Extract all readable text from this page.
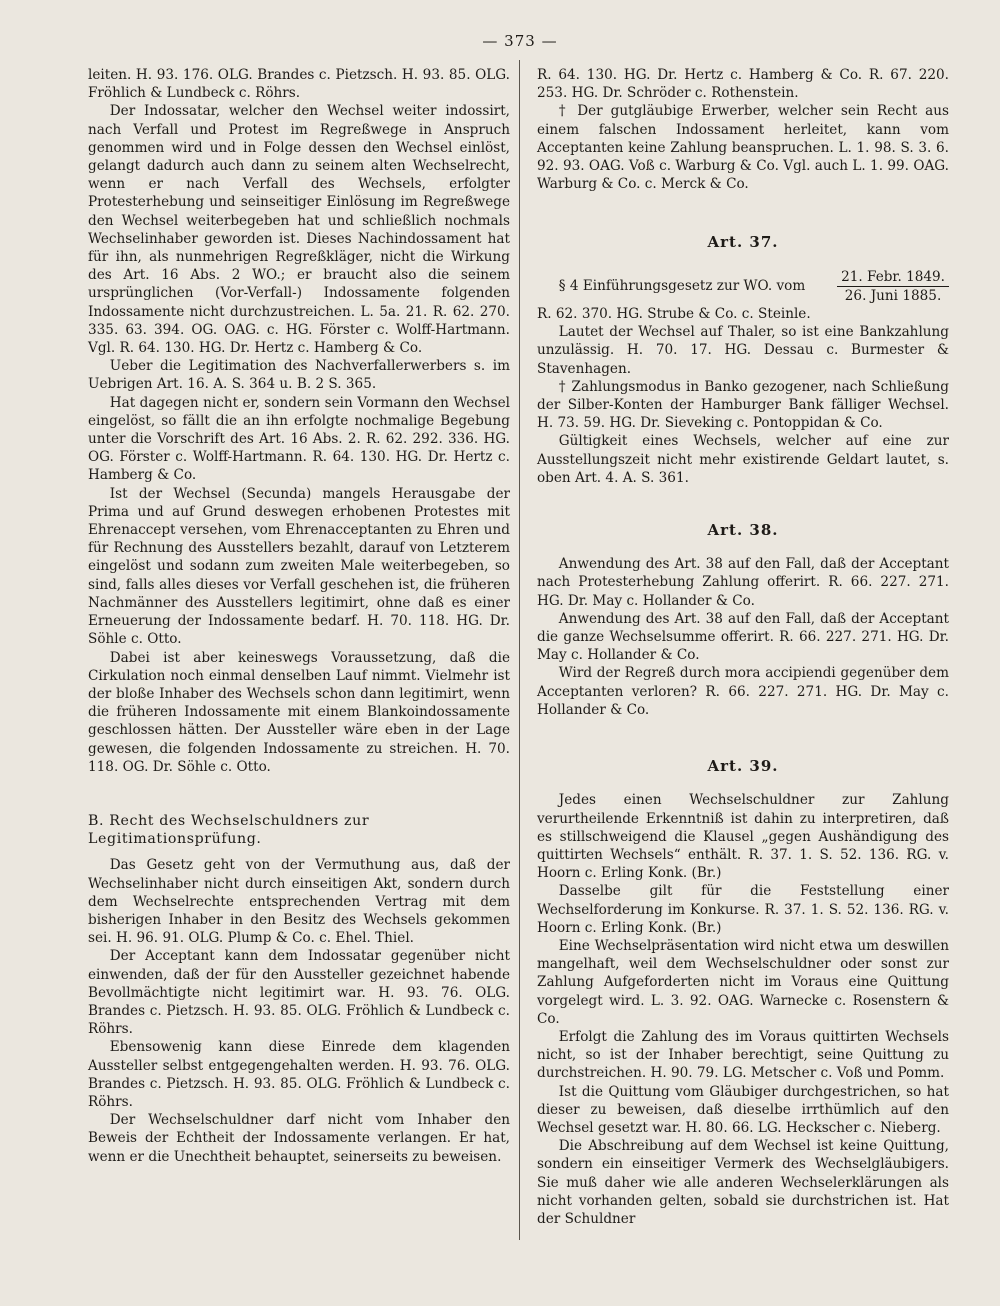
— 373 —

leiten. H. 93. 176. OLG. Brandes c. Pietzsch. H. 93. 85. OLG. Fröhlich & Lundbeck c. Röhrs.

Der Indossatar, welcher den Wechsel weiter indossirt, nach Verfall und Protest im Regreßwege in Anspruch genommen wird und in Folge dessen den Wechsel einlöst, gelangt dadurch auch dann zu seinem alten Wechselrecht, wenn er nach Verfall des Wechsels, erfolgter Protesterhebung und seinseitiger Einlösung im Regreßwege den Wechsel weiterbegeben hat und schließlich nochmals Wechselinhaber geworden ist. Dieses Nachindossament hat für ihn, als nunmehrigen Regreßkläger, nicht die Wirkung des Art. 16 Abs. 2 WO.; er braucht also die seinem ursprünglichen (Vor-Verfall-) Indossamente folgenden Indossamente nicht durchzustreichen. L. 5a. 21. R. 62. 270. 335. 63. 394. OG. OAG. c. HG. Förster c. Wolff-Hartmann. Vgl. R. 64. 130. HG. Dr. Hertz c. Hamberg & Co.

Ueber die Legitimation des Nachverfallerwerbers s. im Uebrigen Art. 16. A. S. 364 u. B. 2 S. 365.

Hat dagegen nicht er, sondern sein Vormann den Wechsel eingelöst, so fällt die an ihn erfolgte nochmalige Begebung unter die Vorschrift des Art. 16 Abs. 2. R. 62. 292. 336. HG. OG. Förster c. Wolff-Hartmann. R. 64. 130. HG. Dr. Hertz c. Hamberg & Co.

Ist der Wechsel (Secunda) mangels Herausgabe der Prima und auf Grund deswegen erhobenen Protestes mit Ehrenaccept versehen, vom Ehrenacceptanten zu Ehren und für Rechnung des Ausstellers bezahlt, darauf von Letzterem eingelöst und sodann zum zweiten Male weiterbegeben, so sind, falls alles dieses vor Verfall geschehen ist, die früheren Nachmänner des Ausstellers legitimirt, ohne daß es einer Erneuerung der Indossamente bedarf. H. 70. 118. HG. Dr. Söhle c. Otto.

Dabei ist aber keineswegs Voraussetzung, daß die Cirkulation noch einmal denselben Lauf nimmt. Vielmehr ist der bloße Inhaber des Wechsels schon dann legitimirt, wenn die früheren Indossamente mit einem Blankoindossamente geschlossen hätten. Der Aussteller wäre eben in der Lage gewesen, die folgenden Indossamente zu streichen. H. 70. 118. OG. Dr. Söhle c. Otto.

B. Recht des Wechselschuldners zur Legitimationsprüfung.

Das Gesetz geht von der Vermuthung aus, daß der Wechselinhaber nicht durch einseitigen Akt, sondern durch dem Wechselrechte entsprechenden Vertrag mit dem bisherigen Inhaber in den Besitz des Wechsels gekommen sei. H. 96. 91. OLG. Plump & Co. c. Ehel. Thiel.

Der Acceptant kann dem Indossatar gegenüber nicht einwenden, daß der für den Aussteller gezeichnet habende Bevollmächtigte nicht legitimirt war. H. 93. 76. OLG. Brandes c. Pietzsch. H. 93. 85. OLG. Fröhlich & Lundbeck c. Röhrs.

Ebensowenig kann diese Einrede dem klagenden Aussteller selbst entgegengehalten werden. H. 93. 76. OLG. Brandes c. Pietzsch. H. 93. 85. OLG. Fröhlich & Lundbeck c. Röhrs.

Der Wechselschuldner darf nicht vom Inhaber den Beweis der Echtheit der Indossamente verlangen. Er hat, wenn er die Unechtheit behauptet, seinerseits zu beweisen.

R. 64. 130. HG. Dr. Hertz c. Hamberg & Co. R. 67. 220. 253. HG. Dr. Schröder c. Rothenstein.

† Der gutgläubige Erwerber, welcher sein Recht aus einem falschen Indossament herleitet, kann vom Acceptanten keine Zahlung beanspruchen. L. 1. 98. S. 3. 6. 92. 93. OAG. Voß c. Warburg & Co. Vgl. auch L. 1. 99. OAG. Warburg & Co. c. Merck & Co.

Art. 37.
§ 4 Einführungsgesetz zur WO. vom $\frac{\text{21. Febr. 1849.}}{\text{26. Juni 1885.}}$

R. 62. 370. HG. Strube & Co. c. Steinle.

Lautet der Wechsel auf Thaler, so ist eine Bankzahlung unzulässig. H. 70. 17. HG. Dessau c. Burmester & Stavenhagen.

† Zahlungsmodus in Banko gezogener, nach Schließung der Silber-Konten der Hamburger Bank fälliger Wechsel. H. 73. 59. HG. Dr. Sieveking c. Pontoppidan & Co.

Gültigkeit eines Wechsels, welcher auf eine zur Ausstellungszeit nicht mehr existirende Geldart lautet, s. oben Art. 4. A. S. 361.

Art. 38.

Anwendung des Art. 38 auf den Fall, daß der Acceptant nach Protesterhebung Zahlung offerirt. R. 66. 227. 271. HG. Dr. May c. Hollander & Co.

Anwendung des Art. 38 auf den Fall, daß der Acceptant die ganze Wechselsumme offerirt. R. 66. 227. 271. HG. Dr. May c. Hollander & Co.

Wird der Regreß durch mora accipiendi gegenüber dem Acceptanten verloren? R. 66. 227. 271. HG. Dr. May c. Hollander & Co.

Art. 39.

Jedes einen Wechselschuldner zur Zahlung verurtheilende Erkenntniß ist dahin zu interpretiren, daß es stillschweigend die Klausel „gegen Aushändigung des quittirten Wechsels“ enthält. R. 37. 1. S. 52. 136. RG. v. Hoorn c. Erling Konk. (Br.)

Dasselbe gilt für die Feststellung einer Wechselforderung im Konkurse. R. 37. 1. S. 52. 136. RG. v. Hoorn c. Erling Konk. (Br.)

Eine Wechselpräsentation wird nicht etwa um deswillen mangelhaft, weil dem Wechselschuldner oder sonst zur Zahlung Aufgeforderten nicht im Voraus eine Quittung vorgelegt wird. L. 3. 92. OAG. Warnecke c. Rosenstern & Co.

Erfolgt die Zahlung des im Voraus quittirten Wechsels nicht, so ist der Inhaber berechtigt, seine Quittung zu durchstreichen. H. 90. 79. LG. Metscher c. Voß und Pomm.

Ist die Quittung vom Gläubiger durchgestrichen, so hat dieser zu beweisen, daß dieselbe irrthümlich auf den Wechsel gesetzt war. H. 80. 66. LG. Heckscher c. Nieberg.

Die Abschreibung auf dem Wechsel ist keine Quittung, sondern ein einseitiger Vermerk des Wechselgläubigers. Sie muß daher wie alle anderen Wechselerklärungen als nicht vorhanden gelten, sobald sie durchstrichen ist. Hat der Schuldner
